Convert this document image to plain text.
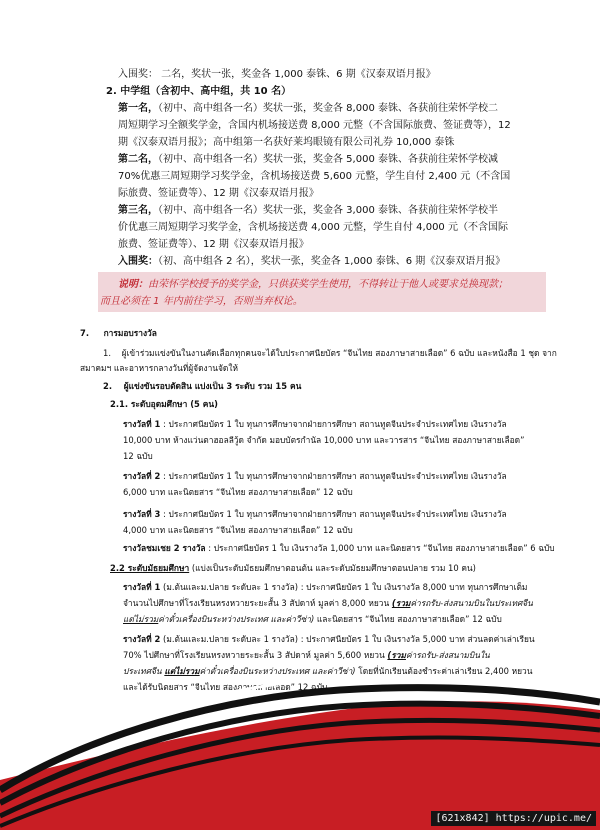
入围奖： 二名，奖状一张，奖金各 1,000 泰铢、6 期《汉泰双语月报》
2. 中学组（含初中、高中组，共 10 名）
第一名，（初中、高中组各一名）奖状一张，奖金各 8,000 泰铢、各获前往荣怀学校二
周短期学习全额奖学金，含国内机场接送费 8,000 元整（不含国际旅费、签证费等），12
期《汉泰双语月报》；高中组第一名获好莱坞眼镜有限公司礼券 10,000 泰铢
第二名，（初中、高中组各一名）奖状一张，奖金各 5,000 泰铢、各获前往荣怀学校减
70%优惠三周短期学习奖学金，含机场接送费 5,600 元整，学生自付 2,400 元（不含国
际旅费、签证费等）、12 期《汉泰双语月报》
第三名，（初中、高中组各一名）奖状一张，奖金各 3,000 泰铢、各获前往荣怀学校半
价优惠三周短期学习奖学金，含机场接送费 4,000 元整，学生自付 4,000 元（不含国际
旅费、签证费等）、12 期《汉泰双语月报》
入围奖：（初、高中组各 2 名），奖状一张，奖金各 1,000 泰铢、6 期《汉泰双语月报》
说明：由荣怀学校授予的奖学金，只供获奖学生使用，不得转让于他人或要求兑换现款；
而且必须在 1 年内前往学习，否则当弃权论。
7. การมอบรางวัล
1. ผู้เข้าร่วมแข่งขันในงานคัดเลือกทุกคนจะได้ใบประกาศนียบัตร “จีนไทย สองภาษาสายเลือด” 6 ฉบับ และหนังสือ 1 ชุด จาก
สมาคมฯ และอาหารกลางวันที่ผู้จัดงานจัดให้
2. ผู้แข่งขันรอบตัดสิน แบ่งเป็น 3 ระดับ รวม 15 คน
2.1. ระดับอุดมศึกษา (5 คน)
รางวัลที่ 1 : ประกาศนียบัตร 1 ใบ ทุนการศึกษาจากฝ่ายการศึกษา สถานทูตจีนประจำประเทศไทย เงินรางวัล
10,000 บาท ห้างแว่นตาฮอลลีวู้ด จำกัด มอบบัตรกำนัล 10,000 บาท และวารสาร “จีนไทย สองภาษาสายเลือด”
12 ฉบับ
รางวัลที่ 2 : ประกาศนียบัตร 1 ใบ ทุนการศึกษาจากฝ่ายการศึกษา สถานทูตจีนประจำประเทศไทย เงินรางวัล
6,000 บาท และนิตยสาร “จีนไทย สองภาษาสายเลือด” 12 ฉบับ
รางวัลที่ 3 : ประกาศนียบัตร 1 ใบ ทุนการศึกษาจากฝ่ายการศึกษา สถานทูตจีนประจำประเทศไทย เงินรางวัล
4,000 บาท และนิตยสาร “จีนไทย สองภาษาสายเลือด” 12 ฉบับ
รางวัลชมเชย 2 รางวัล : ประกาศนียบัตร 1 ใบ เงินรางวัล 1,000 บาท และนิตยสาร “จีนไทย สองภาษาสายเลือด” 6 ฉบับ
2.2 ระดับมัธยมศึกษา (แบ่งเป็นระดับมัธยมศึกษาตอนต้น และระดับมัธยมศึกษาตอนปลาย รวม 10 คน)
รางวัลที่ 1 (ม.ต้นและม.ปลาย ระดับละ 1 รางวัล) : ประกาศนียบัตร 1 ใบ เงินรางวัล 8,000 บาท ทุนการศึกษาเต็ม
จำนวนไปศึกษาที่โรงเรียนหรงหวายระยะสั้น 3 สัปดาห์ มูลค่า 8,000 หยวน (รวมค่ารถรับ-ส่งสนามบินในประเทศจีน
แต่ไม่รวมค่าตั๋วเครื่องบินระหว่างประเทศ และค่าวีซ่า) และนิตยสาร “จีนไทย สองภาษาสายเลือด” 12 ฉบับ
รางวัลที่ 2 (ม.ต้นและม.ปลาย ระดับละ 1 รางวัล) : ประกาศนียบัตร 1 ใบ เงินรางวัล 5,000 บาท ส่วนลดค่าเล่าเรียน
70% ไปศึกษาที่โรงเรียนหรงหวายระยะสั้น 3 สัปดาห์ มูลค่า 5,600 หยวน (รวมค่ารถรับ-ส่งสนามบินใน
ประเทศจีน แต่ไม่รวมค่าตั๋วเครื่องบินระหว่างประเทศ และค่าวีซ่า) โดยที่นักเรียนต้องชำระค่าเล่าเรียน 2,400 หยวน
และได้รับนิตยสาร “จีนไทย สองภาษาสายเลือด” 12 ฉบับ
[621x842] https://upic.me/
